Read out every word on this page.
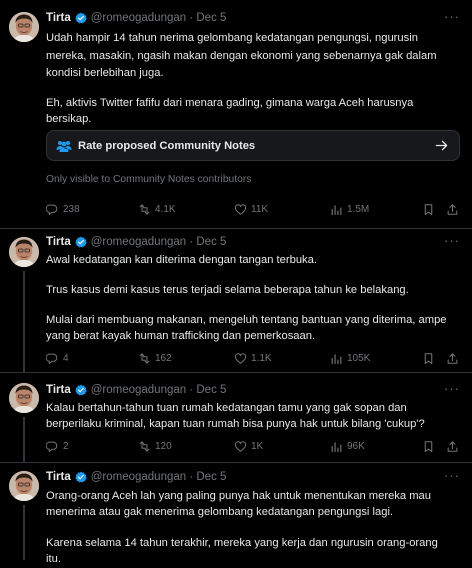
Tirta @romeogadungan · Dec 5	···

Udah hampir 14 tahun nerima gelombang kedatangan pengungsi, ngurusin

mereka, masakin, ngasih makan dengan ekonomi yang sebenarnya gak dalam

kondisi berlebihan juga.

Eh, aktivis Twitter fafifu dari menara gading, gimana warga Aceh harusnya

bersikap.

Rate proposed Community Notes
Only visible to Community Notes contributors
238	4.1K	11K	1.5M
Tirta @romeogadungan · Dec 5	···

Awal kedatangan kan diterima dengan tangan terbuka.

Trus kasus demi kasus terus terjadi selama beberapa tahun ke belakang.

Mulai dari membuang makanan, mengeluh tentang bantuan yang diterima, ampe

yang berat kayak human trafficking dan pemerkosaan.

4	162	1.1K	105K
Tirta @romeogadungan · Dec 5	···

Kalau bertahun-tahun tuan rumah kedatangan tamu yang gak sopan dan

berperilaku kriminal, kapan tuan rumah bisa punya hak untuk bilang 'cukup'?

2	120	1K	96K
Tirta @romeogadungan · Dec 5	···

Orang-orang Aceh lah yang paling punya hak untuk menentukan mereka mau

menerima atau gak menerima gelombang kedatangan pengungsi lagi.

Karena selama 14 tahun terakhir, mereka yang kerja dan ngurusin orang-orang

itu.
